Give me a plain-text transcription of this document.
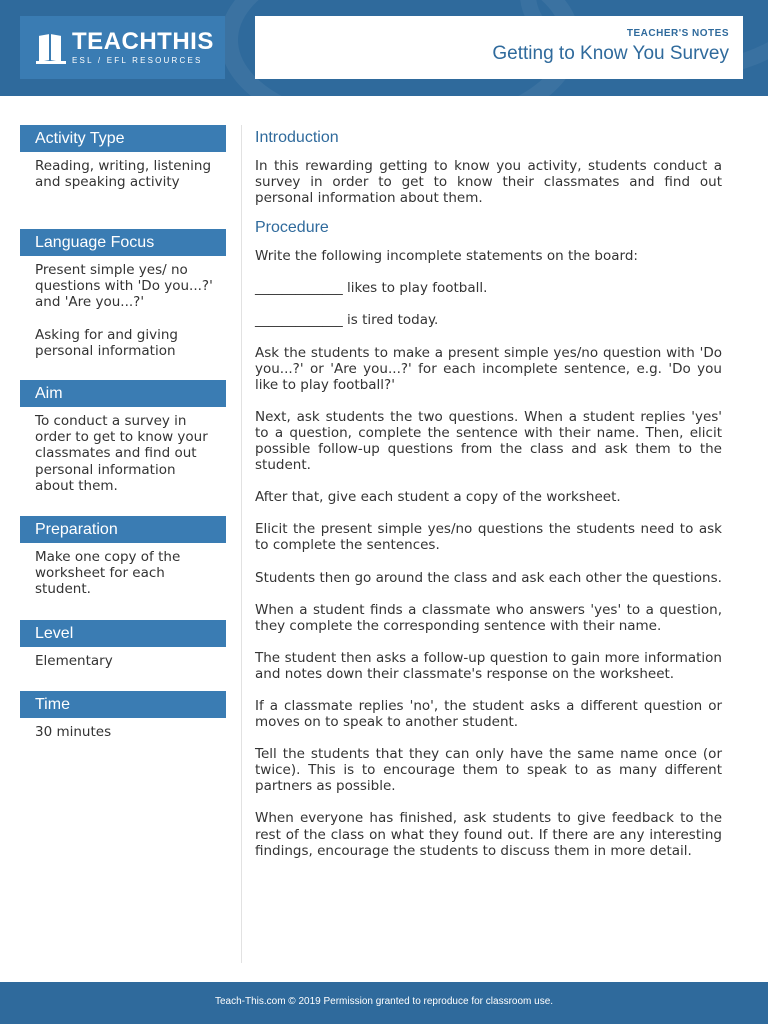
TEACHTHIS
ESL / EFL RESOURCES
TEACHER'S NOTES
Getting to Know You Survey
Activity Type

Reading, writing, listening and speaking activity

Language Focus

Present simple yes/ no questions with 'Do you...?' and 'Are you...?'

Asking for and giving personal information

Aim

To conduct a survey in order to get to know your classmates and find out personal information about them.

Preparation

Make one copy of the worksheet for each student.

Level

Elementary

Time

30 minutes

Introduction

In this rewarding getting to know you activity, students conduct a survey in order to get to know their classmates and find out personal information about them.

Procedure

Write the following incomplete statements on the board:

_____________ likes to play football.

_____________ is tired today.

Ask the students to make a present simple yes/no question with 'Do you...?' or 'Are you...?' for each incomplete sentence, e.g. 'Do you like to play football?'

Next, ask students the two questions. When a student replies 'yes' to a question, complete the sentence with their name. Then, elicit possible follow-up questions from the class and ask them to the student.

After that, give each student a copy of the worksheet.

Elicit the present simple yes/no questions the students need to ask to complete the sentences.

Students then go around the class and ask each other the questions.

When a student finds a classmate who answers 'yes' to a question, they complete the corresponding sentence with their name.

The student then asks a follow-up question to gain more information and notes down their classmate's response on the worksheet.

If a classmate replies 'no', the student asks a different question or moves on to speak to another student.

Tell the students that they can only have the same name once (or twice). This is to encourage them to speak to as many different partners as possible.

When everyone has finished, ask students to give feedback to the rest of the class on what they found out. If there are any interesting findings, encourage the students to discuss them in more detail.

Teach-This.com © 2019 Permission granted to reproduce for classroom use.
